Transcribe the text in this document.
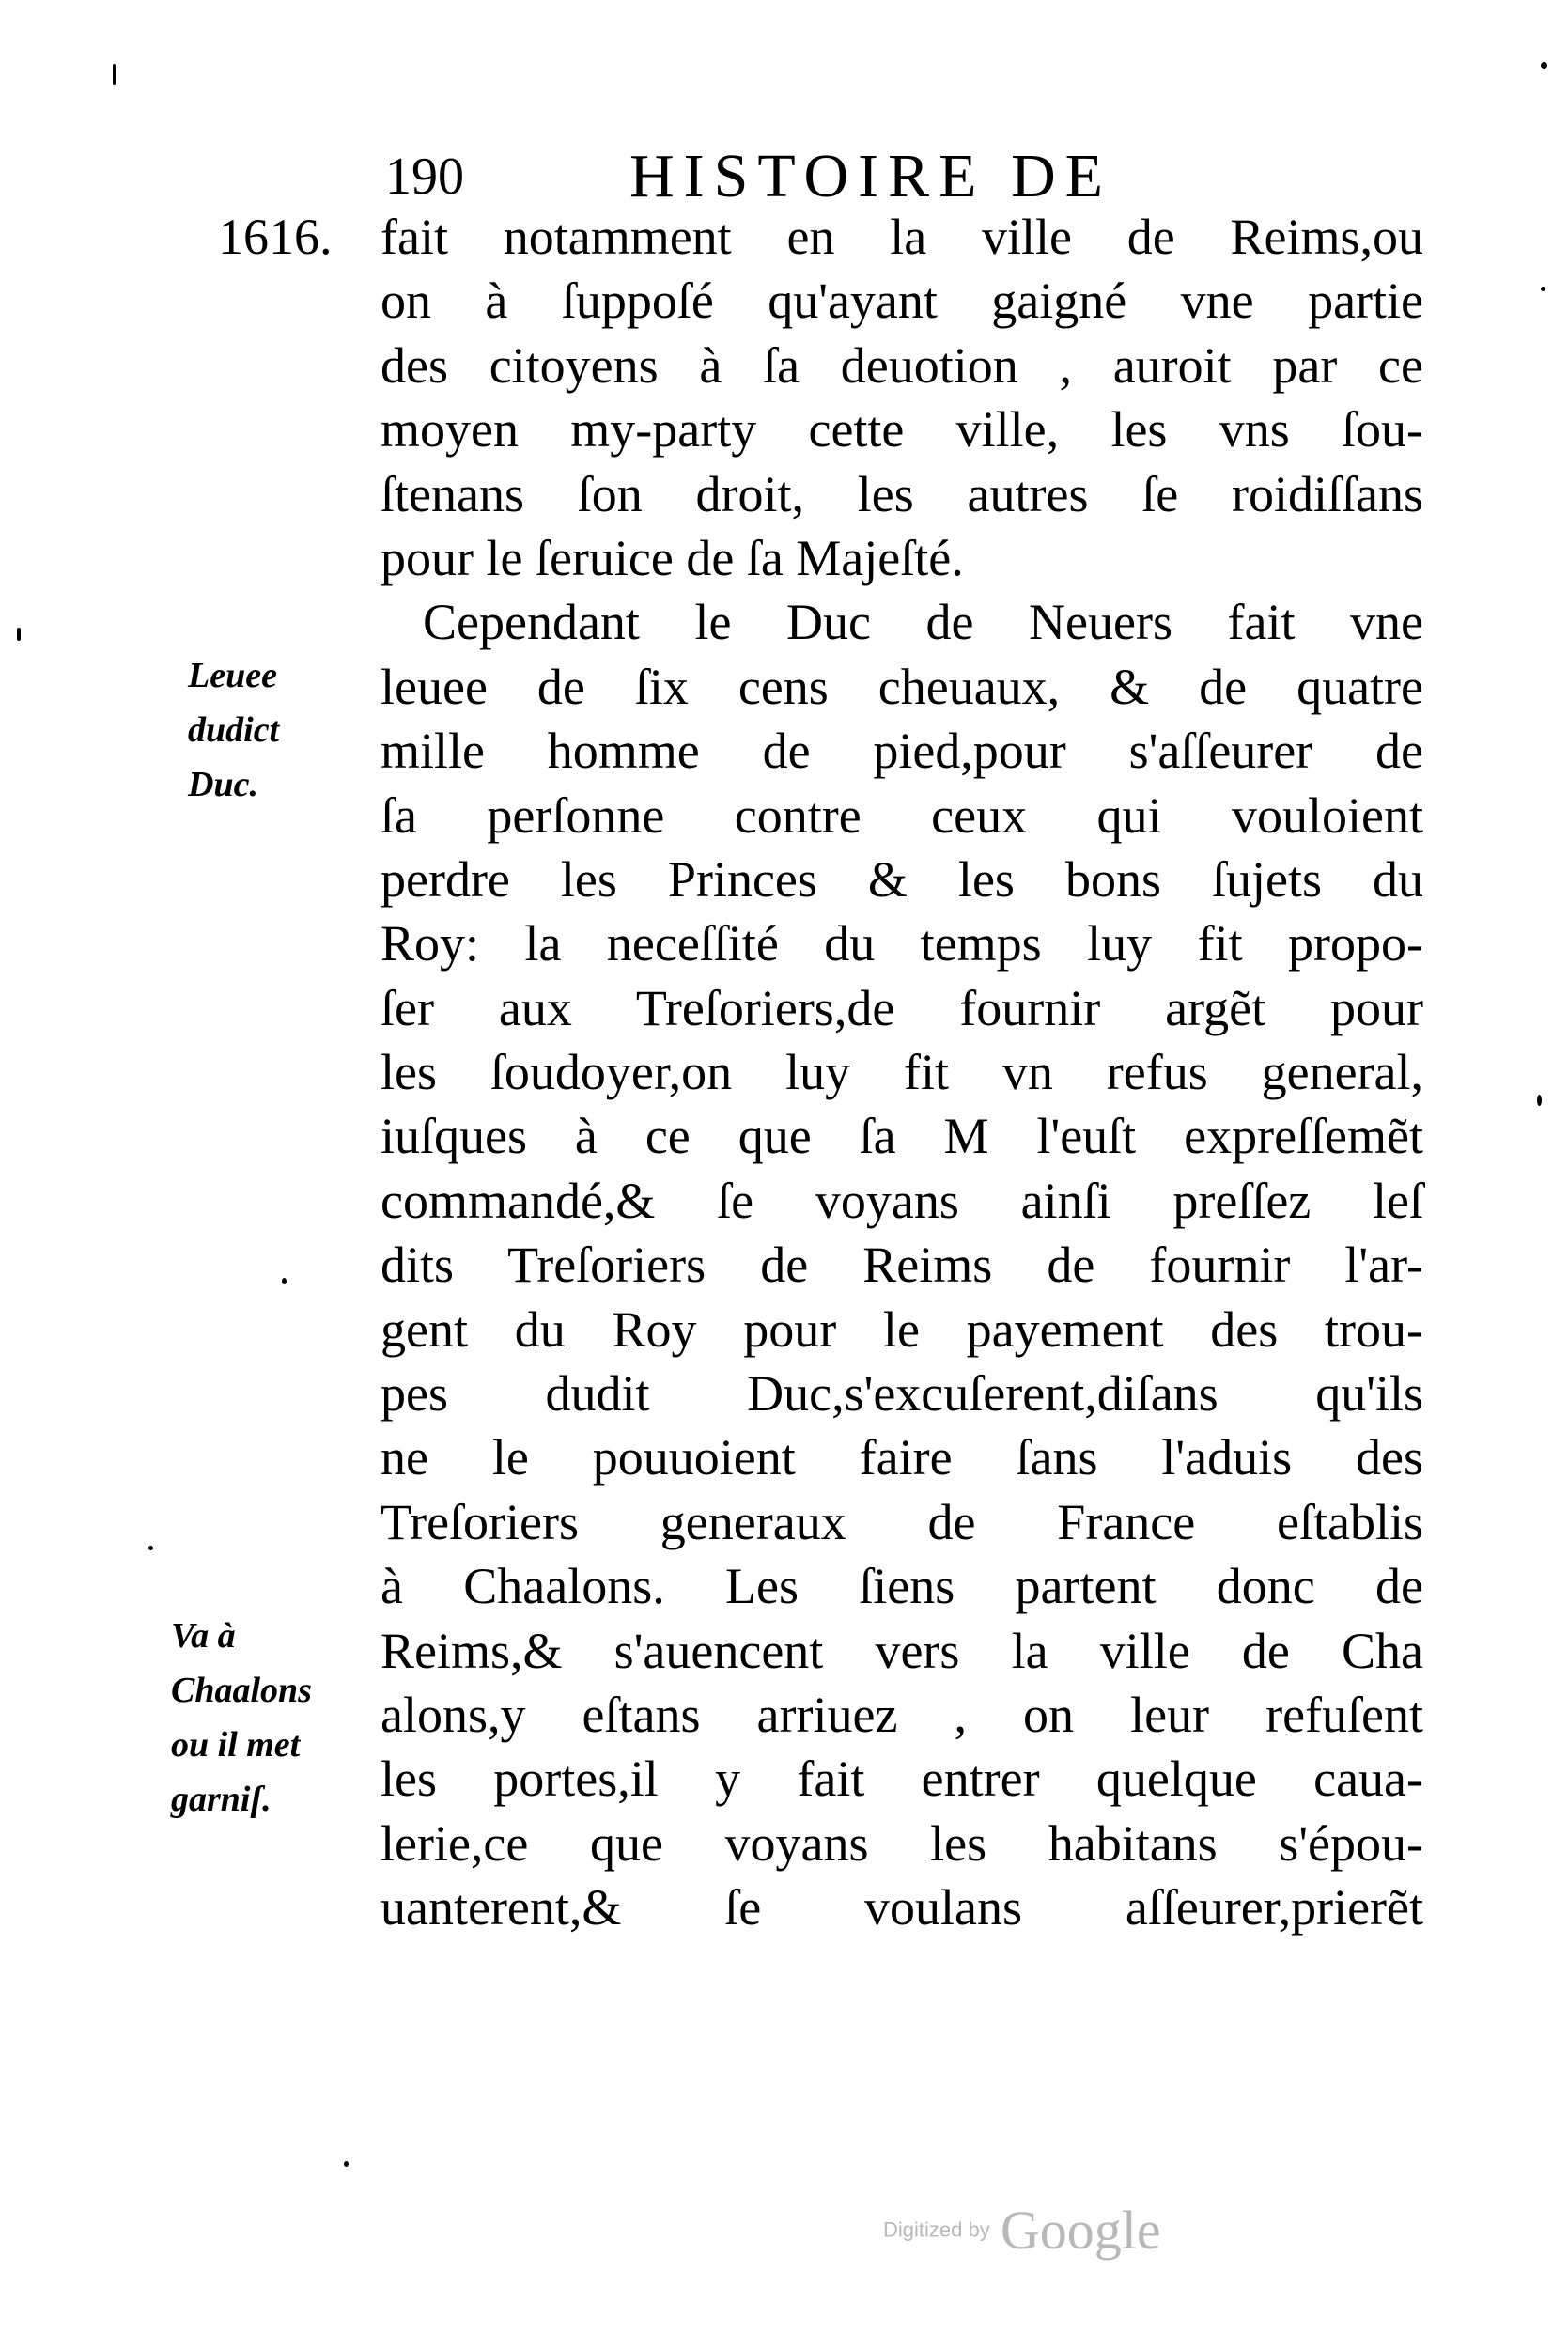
190	HISTOIRE DE
1616. fait notamment en la ville de Reims,ou
on à ſuppoſé qu'ayant gaigné vne partie
des citoyens à ſa deuotion , auroit par ce
moyen my-party cette ville, les vns ſou-
ſtenans ſon droit, les autres ſe roidiſſans
pour le ſeruice de ſa Majeſté.
Cependant le Duc de Neuers fait vne
leuee de ſix cens cheuaux, & de quatre
mille homme de pied,pour s'aſſeurer de
ſa perſonne contre ceux qui vouloient
perdre les Princes & les bons ſujets du
Roy: la neceſſité du temps luy fit propo-
ſer aux Treſoriers,de fournir argẽt pour
les ſoudoyer,on luy fit vn refus general,
iuſques à ce que ſa M l'euſt expreſſemẽt
commandé,& ſe voyans ainſi preſſez leſ
dits Treſoriers de Reims de fournir l'ar-
gent du Roy pour le payement des trou-
pes dudit Duc,s'excuſerent,diſans qu'ils
ne le pouuoient faire ſans l'aduis des
Treſoriers generaux de France eſtablis
à Chaalons. Les ſiens partent donc de
Reims,& s'auencent vers la ville de Cha
alons,y eſtans arriuez , on leur refuſent
les portes,il y fait entrer quelque caua-
lerie,ce que voyans les habitans s'épou-
uanterent,& ſe voulans aſſeurer,prierẽt
Leuee
dudict
Duc.
Va à
Chaalons
ou il met
garniſ.
Digitized by Google
